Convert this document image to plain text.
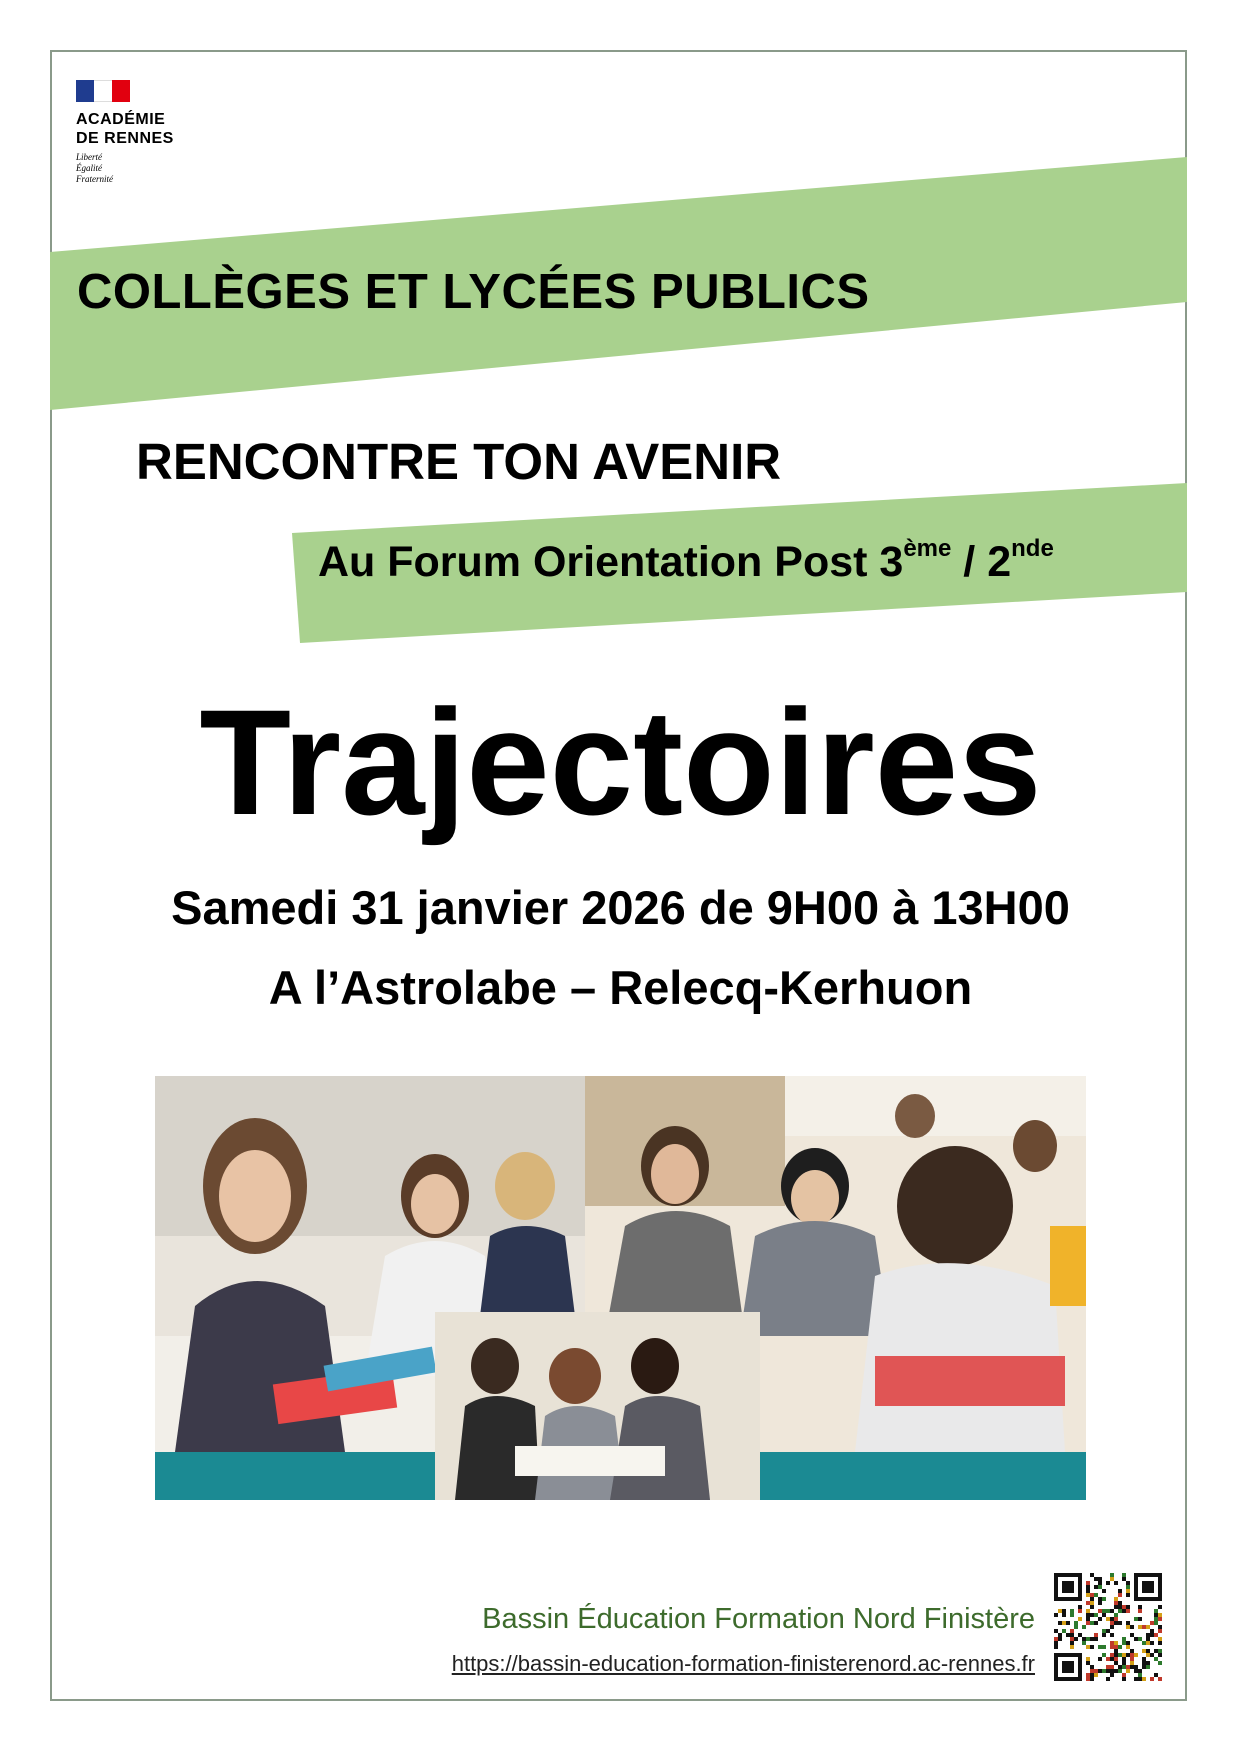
ACADÉMIE
DE RENNES
Liberté
Égalité
Fraternité
COLLÈGES ET LYCÉES PUBLICS
RENCONTRE TON AVENIR
Au Forum Orientation Post 3ème / 2nde
Trajectoires
Samedi 31 janvier 2026 de 9H00 à 13H00
A l’Astrolabe – Relecq-Kerhuon
Bassin Éducation Formation Nord Finistère
https://bassin-education-formation-finisterenord.ac-rennes.fr
